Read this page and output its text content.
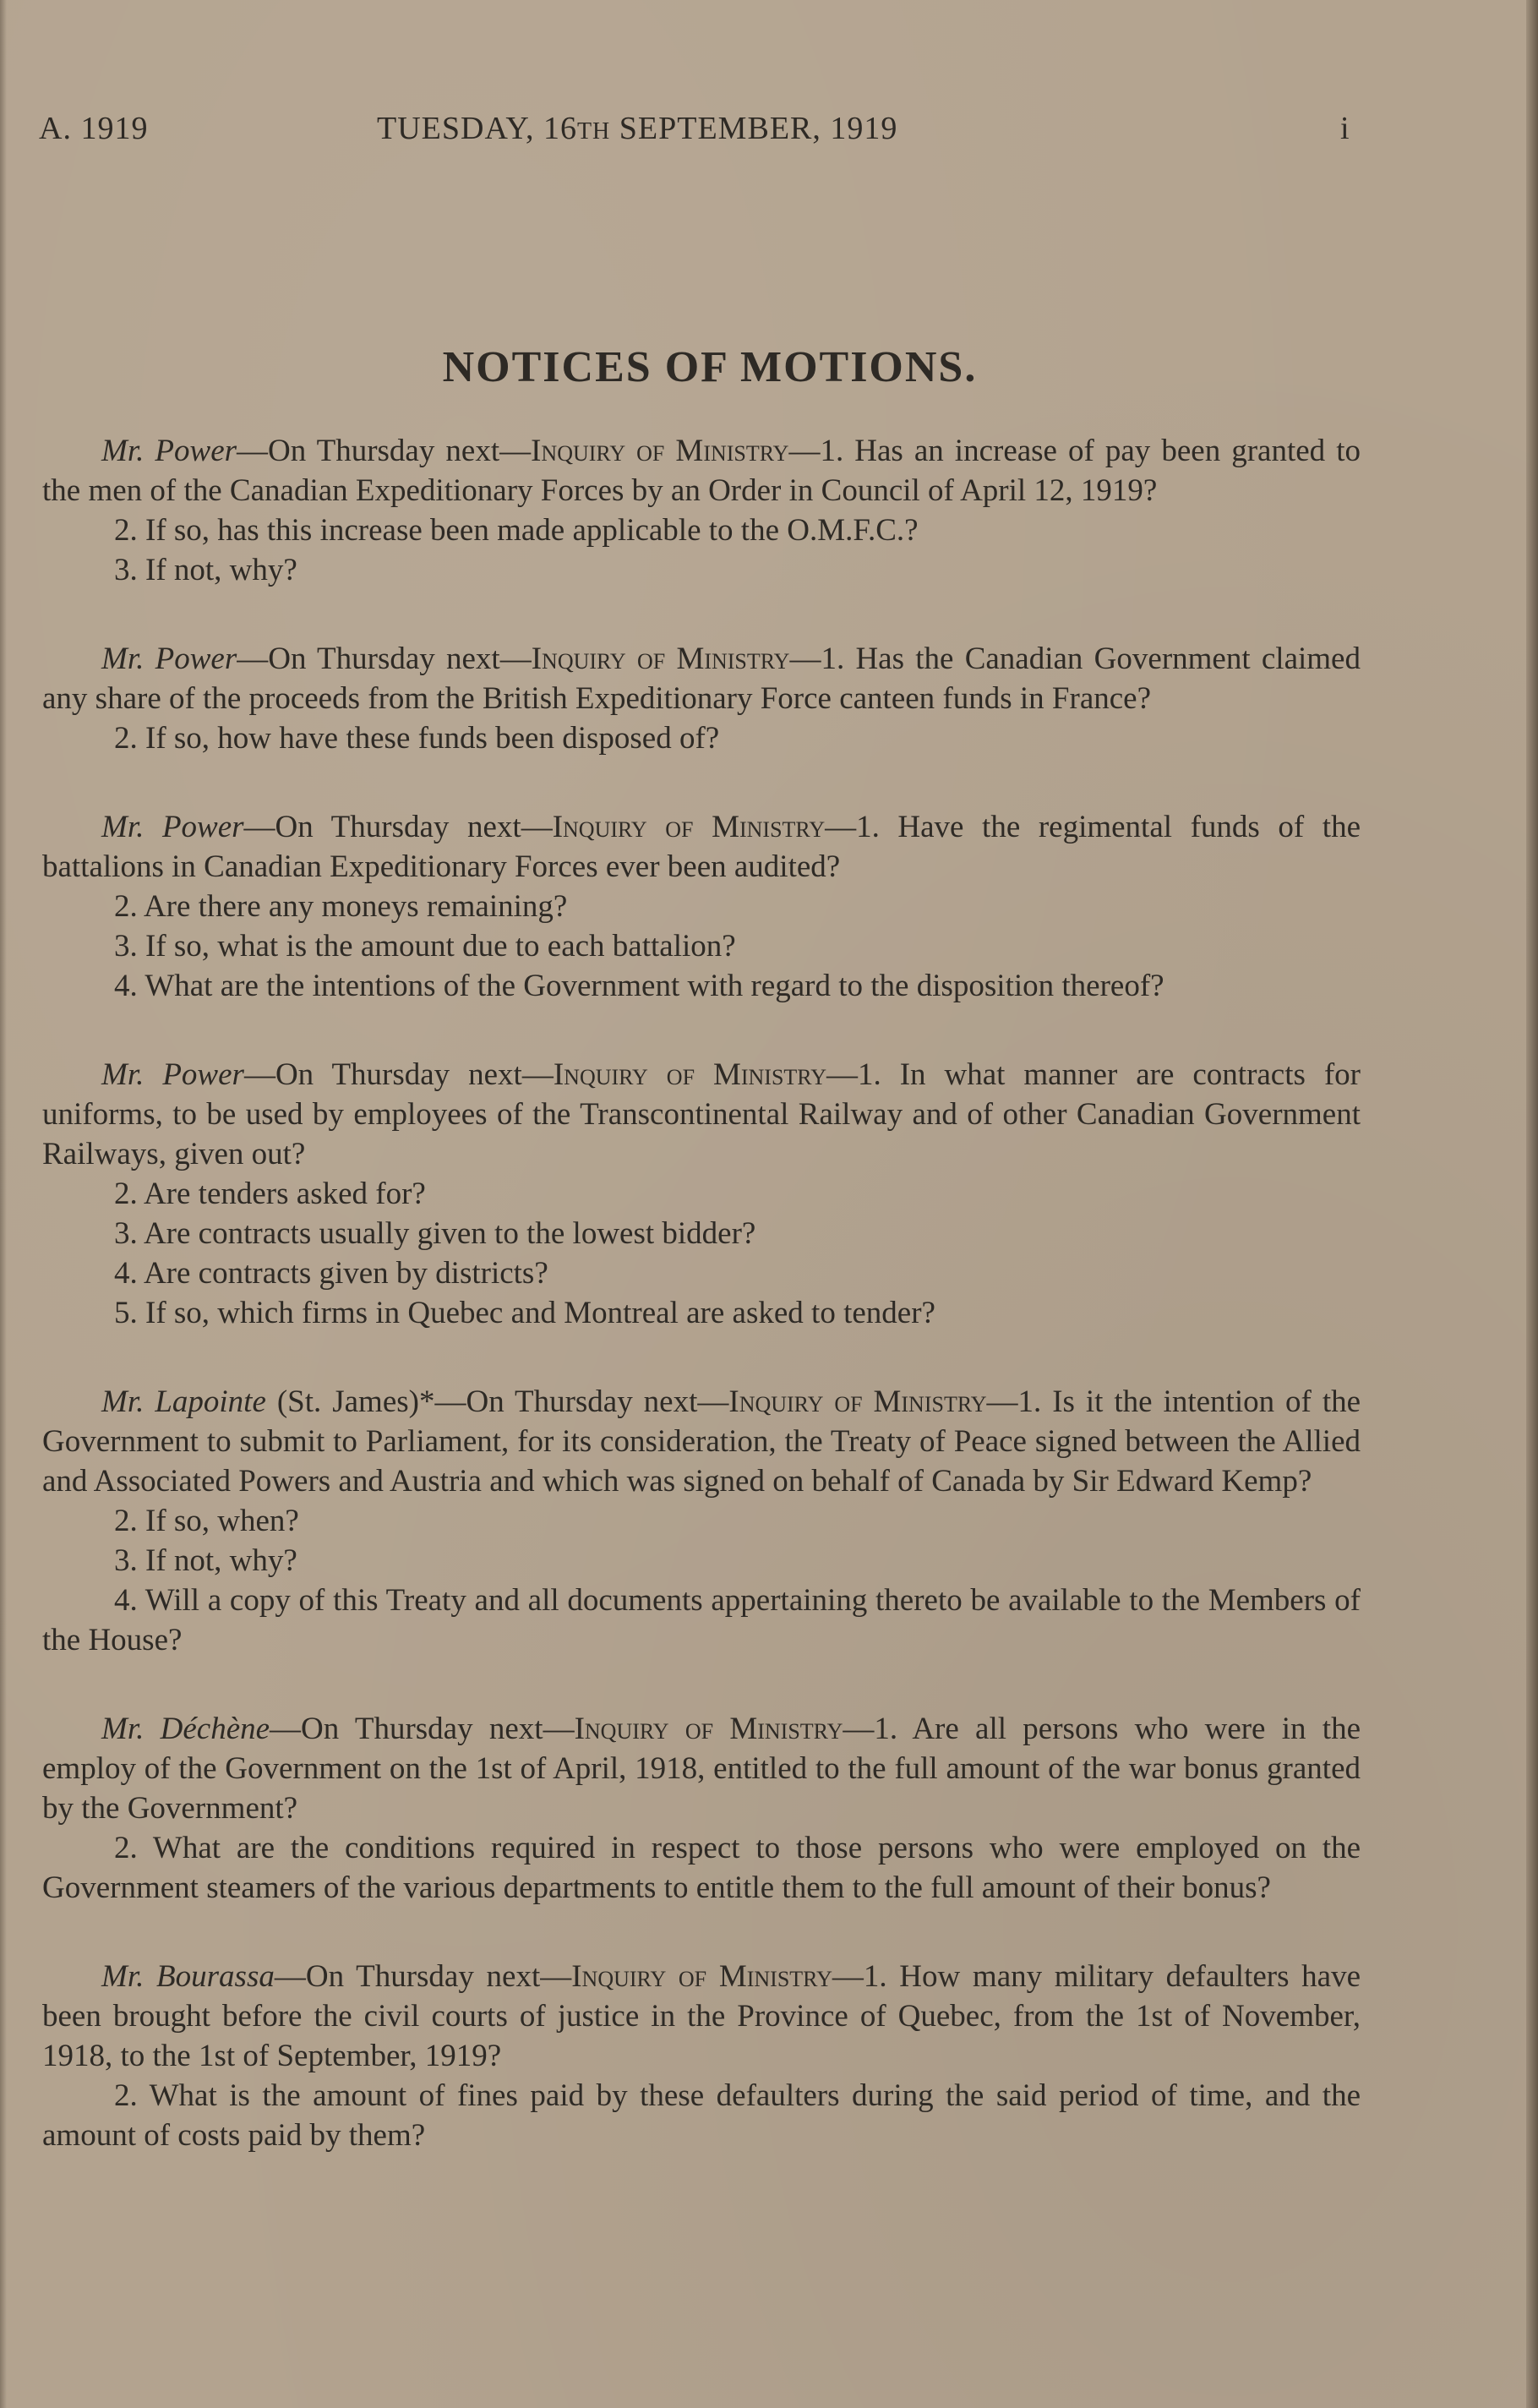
A. 1919	TUESDAY, 16TH SEPTEMBER, 1919	i
NOTICES OF MOTIONS.

Mr. Power—On Thursday next—Inquiry of Ministry—1. Has an increase of pay been granted to the men of the Canadian Expeditionary Forces by an Order in Council of April 12, 1919?

2. If so, has this increase been made applicable to the O.M.F.C.?

3. If not, why?

Mr. Power—On Thursday next—Inquiry of Ministry—1. Has the Canadian Government claimed any share of the proceeds from the British Expeditionary Force canteen funds in France?

2. If so, how have these funds been disposed of?

Mr. Power—On Thursday next—Inquiry of Ministry—1. Have the regimental funds of the battalions in Canadian Expeditionary Forces ever been audited?

2. Are there any moneys remaining?

3. If so, what is the amount due to each battalion?

4. What are the intentions of the Government with regard to the disposition thereof?

Mr. Power—On Thursday next—Inquiry of Ministry—1. In what manner are contracts for uniforms, to be used by employees of the Transcontinental Railway and of other Canadian Government Railways, given out?

2. Are tenders asked for?

3. Are contracts usually given to the lowest bidder?

4. Are contracts given by districts?

5. If so, which firms in Quebec and Montreal are asked to tender?

Mr. Lapointe (St. James)*—On Thursday next—Inquiry of Ministry—1. Is it the intention of the Government to submit to Parliament, for its consideration, the Treaty of Peace signed between the Allied and Associated Powers and Austria and which was signed on behalf of Canada by Sir Edward Kemp?

2. If so, when?

3. If not, why?

4. Will a copy of this Treaty and all documents appertaining thereto be available to the Members of the House?

Mr. Déchène—On Thursday next—Inquiry of Ministry—1. Are all persons who were in the employ of the Government on the 1st of April, 1918, entitled to the full amount of the war bonus granted by the Government?

2. What are the conditions required in respect to those persons who were employed on the Government steamers of the various departments to entitle them to the full amount of their bonus?

Mr. Bourassa—On Thursday next—Inquiry of Ministry—1. How many military defaulters have been brought before the civil courts of justice in the Province of Quebec, from the 1st of November, 1918, to the 1st of September, 1919?

2. What is the amount of fines paid by these defaulters during the said period of time, and the amount of costs paid by them?
